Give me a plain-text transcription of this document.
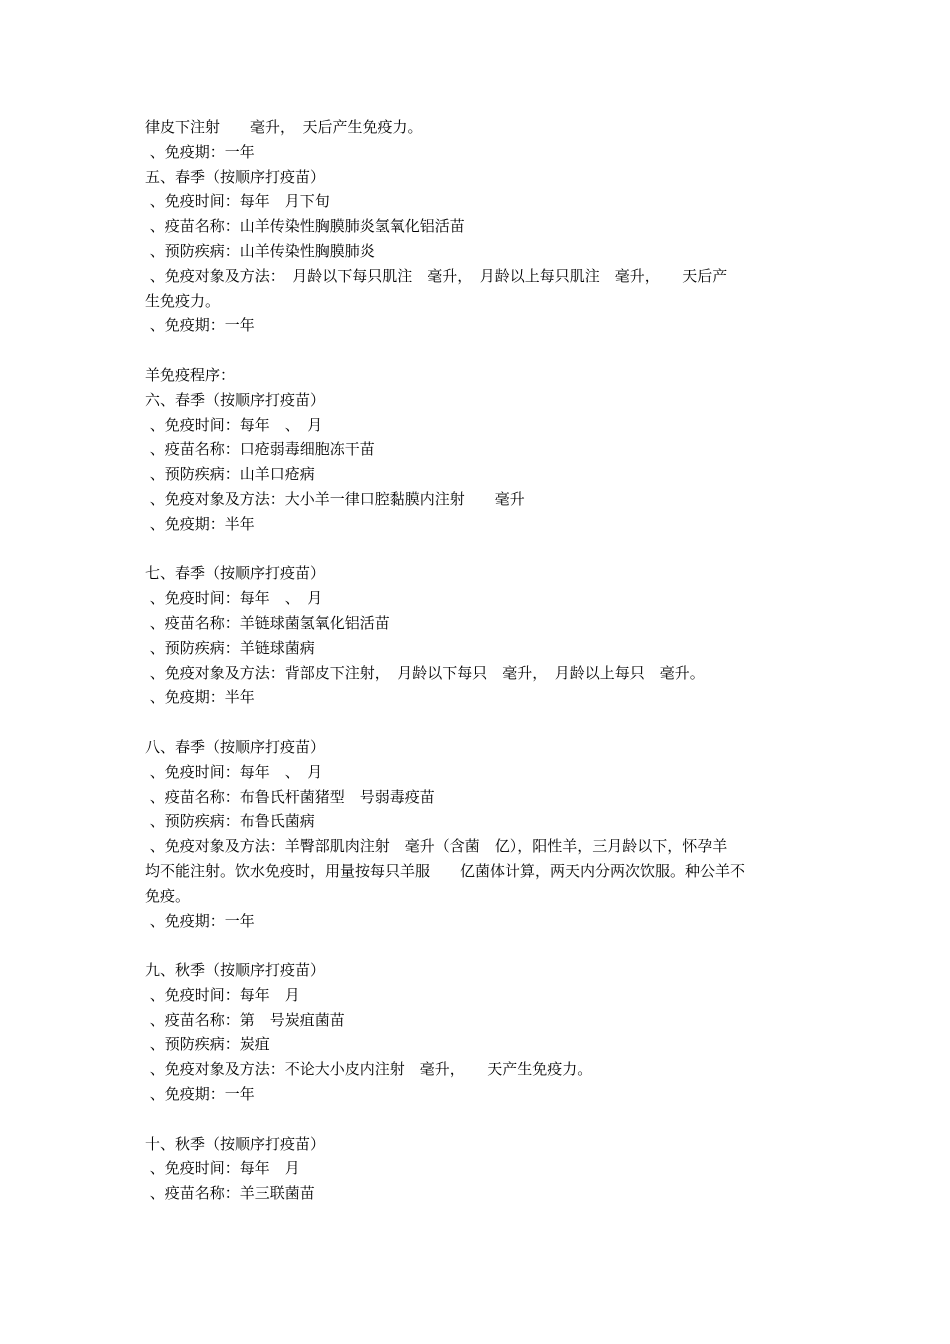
律皮下注射　　毫升，　天后产生免疫力。
、免疫期：一年
五、春季（按顺序打疫苗）
、免疫时间：每年　月下旬
、疫苗名称：山羊传染性胸膜肺炎氢氧化铝活苗
、预防疾病：山羊传染性胸膜肺炎
、免疫对象及方法：　月龄以下每只肌注　毫升，　月龄以上每只肌注　毫升，　　天后产
生免疫力。
、免疫期：一年
羊免疫程序：
六、春季（按顺序打疫苗）
、免疫时间：每年　、　月
、疫苗名称：口疮弱毒细胞冻干苗
、预防疾病：山羊口疮病
、免疫对象及方法：大小羊一律口腔黏膜内注射　　毫升
、免疫期：半年
七、春季（按顺序打疫苗）
、免疫时间：每年　、　月
、疫苗名称：羊链球菌氢氧化铝活苗
、预防疾病：羊链球菌病
、免疫对象及方法：背部皮下注射，　月龄以下每只　毫升，　月龄以上每只　毫升。
、免疫期：半年
八、春季（按顺序打疫苗）
、免疫时间：每年　、　月
、疫苗名称：布鲁氏杆菌猪型　号弱毒疫苗
、预防疾病：布鲁氏菌病
、免疫对象及方法：羊臀部肌肉注射　毫升（含菌　亿），阳性羊，三月龄以下，怀孕羊
均不能注射。饮水免疫时，用量按每只羊服　　亿菌体计算，两天内分两次饮服。种公羊不
免疫。
、免疫期：一年
九、秋季（按顺序打疫苗）
、免疫时间：每年　月
、疫苗名称：第　号炭疽菌苗
、预防疾病：炭疽
、免疫对象及方法：不论大小皮内注射　毫升，　　天产生免疫力。
、免疫期：一年
十、秋季（按顺序打疫苗）
、免疫时间：每年　月
、疫苗名称：羊三联菌苗
